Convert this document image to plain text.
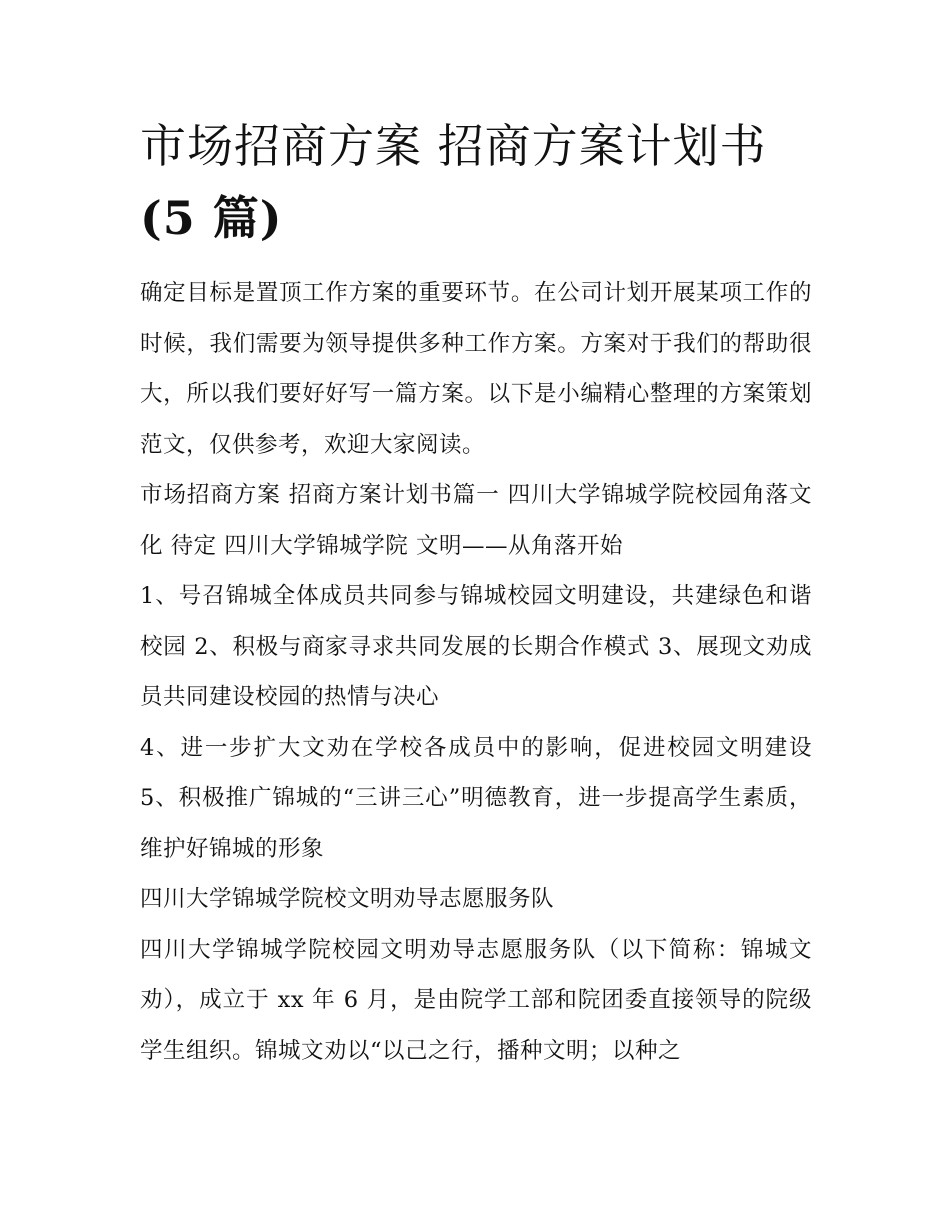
市场招商方案 招商方案计划书
(5 篇)

确定目标是置顶工作方案的重要环节。在公司计划开展某项工作的时候，我们需要为领导提供多种工作方案。方案对于我们的帮助很大，所以我们要好好写一篇方案。以下是小编精心整理的方案策划范文，仅供参考，欢迎大家阅读。

市场招商方案 招商方案计划书篇一 四川大学锦城学院校园角落文化 待定 四川大学锦城学院 文明——从角落开始

1、号召锦城全体成员共同参与锦城校园文明建设，共建绿色和谐校园 2、积极与商家寻求共同发展的长期合作模式 3、展现文劝成员共同建设校园的热情与决心

4、进一步扩大文劝在学校各成员中的影响，促进校园文明建设 5、积极推广锦城的“三讲三心”明德教育，进一步提高学生素质，维护好锦城的形象

四川大学锦城学院校文明劝导志愿服务队

四川大学锦城学院校园文明劝导志愿服务队（以下简称：锦城文劝），成立于 xx 年 6 月，是由院学工部和院团委直接领导的院级学生组织。锦城文劝以“以己之行，播种文明；以种之
